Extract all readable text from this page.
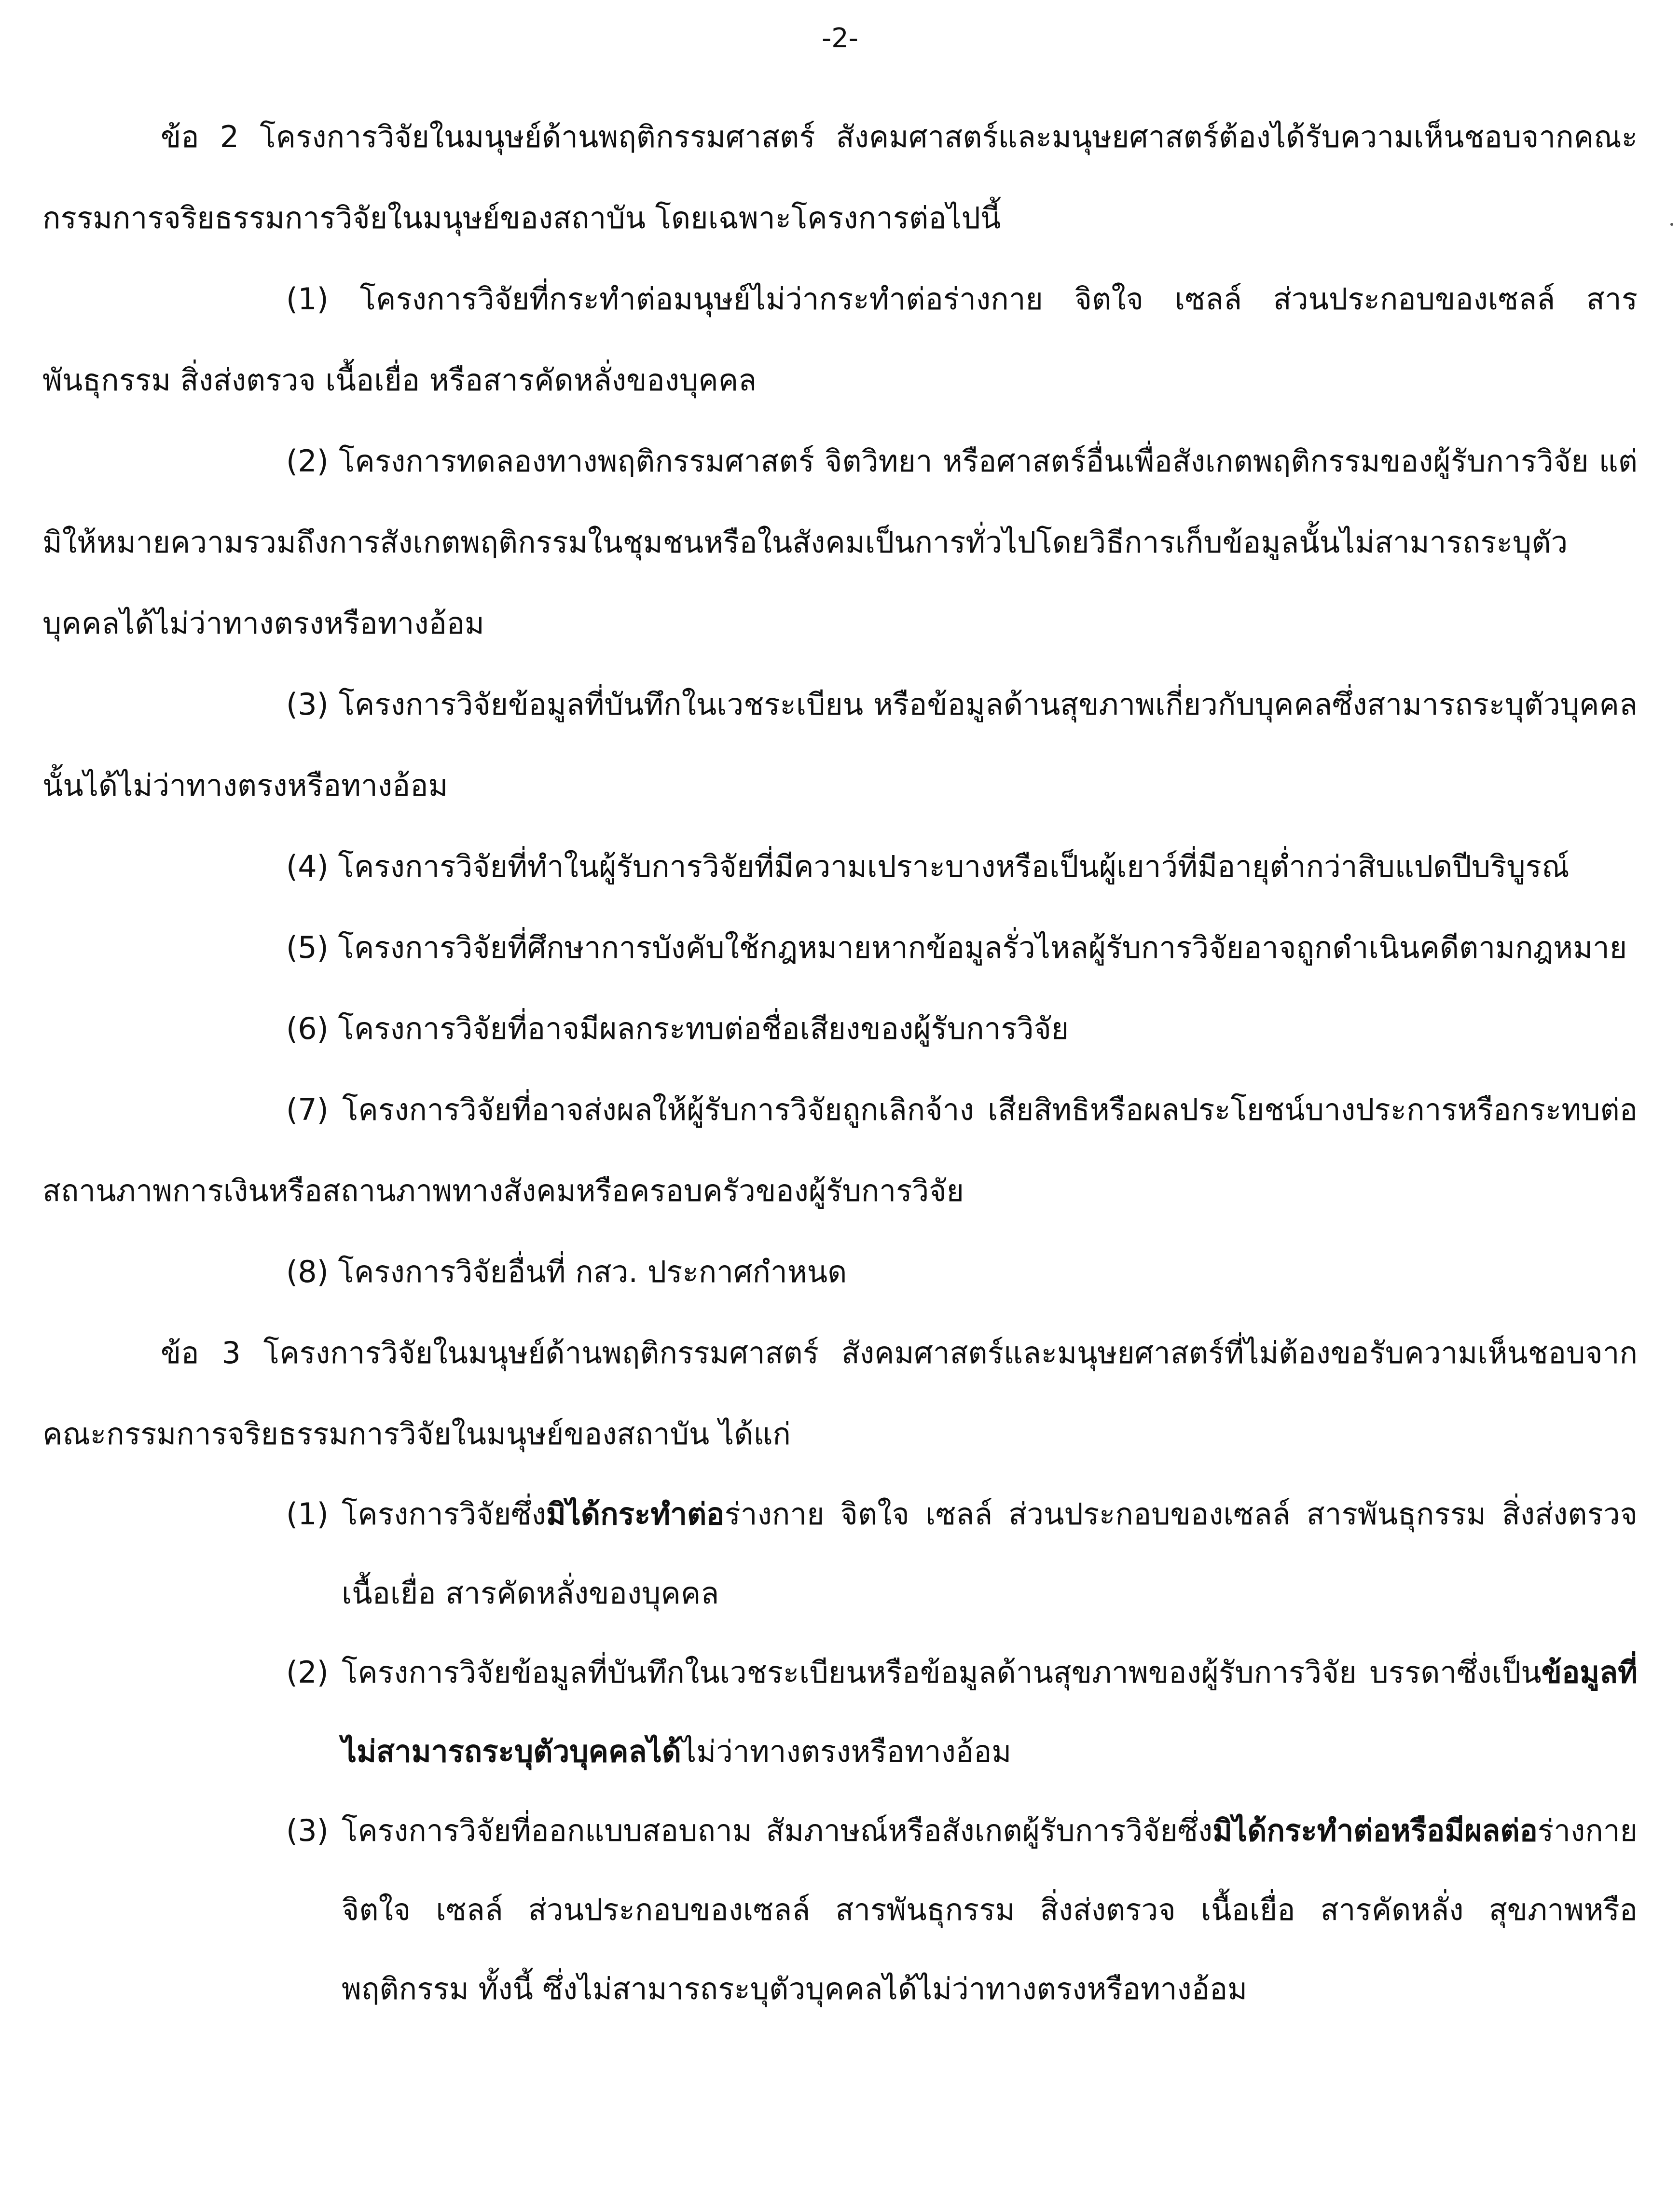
-2-

ข้อ 2 โครงการวิจัยในมนุษย์ด้านพฤติกรรมศาสตร์ สังคมศาสตร์และมนุษยศาสตร์ต้องได้รับความเห็นชอบจากคณะกรรมการจริยธรรมการวิจัยในมนุษย์ของสถาบัน โดยเฉพาะโครงการต่อไปนี้

(1) โครงการวิจัยที่กระทำต่อมนุษย์ไม่ว่ากระทำต่อร่างกาย จิตใจ เซลล์ ส่วนประกอบของเซลล์ สารพันธุกรรม สิ่งส่งตรวจ เนื้อเยื่อ หรือสารคัดหลั่งของบุคคล

(2) โครงการทดลองทางพฤติกรรมศาสตร์ จิตวิทยา หรือศาสตร์อื่นเพื่อสังเกตพฤติกรรมของผู้รับการวิจัย แต่มิให้หมายความรวมถึงการสังเกตพฤติกรรมในชุมชนหรือในสังคมเป็นการทั่วไปโดยวิธีการเก็บข้อมูลนั้นไม่สามารถระบุตัวบุคคลได้ไม่ว่าทางตรงหรือทางอ้อม

(3) โครงการวิจัยข้อมูลที่บันทึกในเวชระเบียน หรือข้อมูลด้านสุขภาพเกี่ยวกับบุคคลซึ่งสามารถระบุตัวบุคคลนั้นได้ไม่ว่าทางตรงหรือทางอ้อม

(4) โครงการวิจัยที่ทำในผู้รับการวิจัยที่มีความเปราะบางหรือเป็นผู้เยาว์ที่มีอายุต่ำกว่าสิบแปดปีบริบูรณ์

(5) โครงการวิจัยที่ศึกษาการบังคับใช้กฎหมายหากข้อมูลรั่วไหลผู้รับการวิจัยอาจถูกดำเนินคดีตามกฎหมาย

(6) โครงการวิจัยที่อาจมีผลกระทบต่อชื่อเสียงของผู้รับการวิจัย

(7) โครงการวิจัยที่อาจส่งผลให้ผู้รับการวิจัยถูกเลิกจ้าง เสียสิทธิหรือผลประโยชน์บางประการหรือกระทบต่อสถานภาพการเงินหรือสถานภาพทางสังคมหรือครอบครัวของผู้รับการวิจัย

(8) โครงการวิจัยอื่นที่ กสว. ประกาศกำหนด

ข้อ 3 โครงการวิจัยในมนุษย์ด้านพฤติกรรมศาสตร์ สังคมศาสตร์และมนุษยศาสตร์ที่ไม่ต้องขอรับความเห็นชอบจากคณะกรรมการจริยธรรมการวิจัยในมนุษย์ของสถาบัน ได้แก่

(1) โครงการวิจัยซึ่งมิได้กระทำต่อร่างกาย จิตใจ เซลล์ ส่วนประกอบของเซลล์ สารพันธุกรรม สิ่งส่งตรวจ เนื้อเยื่อ สารคัดหลั่งของบุคคล
(2) โครงการวิจัยข้อมูลที่บันทึกในเวชระเบียนหรือข้อมูลด้านสุขภาพของผู้รับการวิจัย บรรดาซึ่งเป็นข้อมูลที่ไม่สามารถระบุตัวบุคคลได้ไม่ว่าทางตรงหรือทางอ้อม
(3) โครงการวิจัยที่ออกแบบสอบถาม สัมภาษณ์หรือสังเกตผู้รับการวิจัยซึ่งมิได้กระทำต่อหรือมีผลต่อร่างกาย จิตใจ เซลล์ ส่วนประกอบของเซลล์ สารพันธุกรรม สิ่งส่งตรวจ เนื้อเยื่อ สารคัดหลั่ง สุขภาพหรือพฤติกรรม ทั้งนี้ ซึ่งไม่สามารถระบุตัวบุคคลได้ไม่ว่าทางตรงหรือทางอ้อม
